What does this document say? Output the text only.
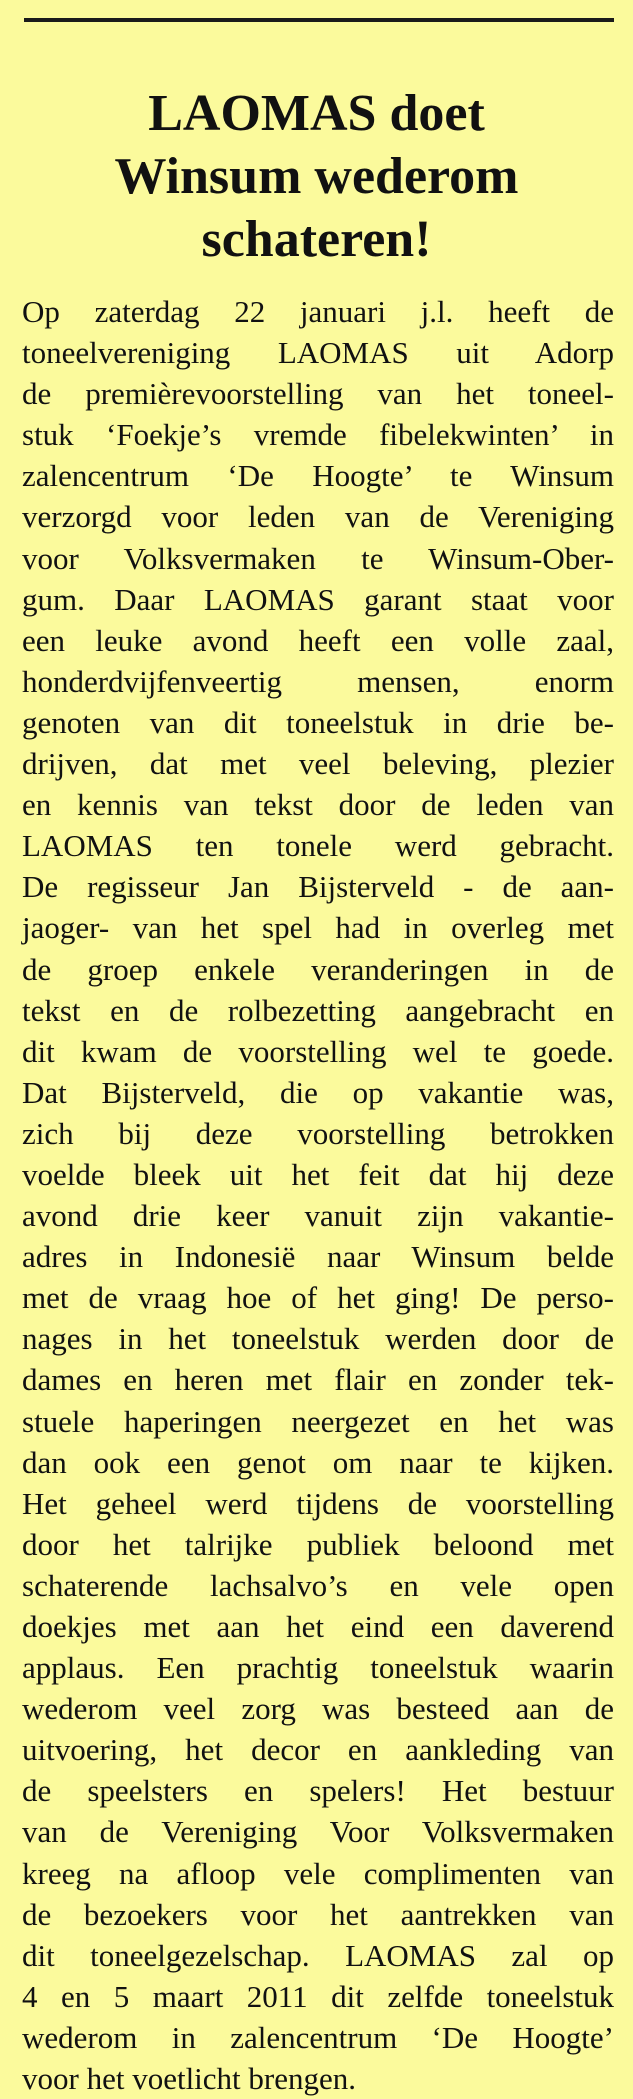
LAOMAS doet
Winsum wederom
schateren!
Op zaterdag 22 januari j.l. heeft de
toneelvereniging LAOMAS uit Adorp
de premièrevoorstelling van het toneel-
stuk ‘Foekje’s vremde fibelekwinten’ in
zalencentrum ‘De Hoogte’ te Winsum
verzorgd voor leden van de Vereniging
voor Volksvermaken te Winsum-Ober-
gum. Daar LAOMAS garant staat voor
een leuke avond heeft een volle zaal,
honderdvijfenveertig mensen, enorm
genoten van dit toneelstuk in drie be-
drijven, dat met veel beleving, plezier
en kennis van tekst door de leden van
LAOMAS ten tonele werd gebracht.
De regisseur Jan Bijsterveld - de aan-
jaoger- van het spel had in overleg met
de groep enkele veranderingen in de
tekst en de rolbezetting aangebracht en
dit kwam de voorstelling wel te goede.
Dat Bijsterveld, die op vakantie was,
zich bij deze voorstelling betrokken
voelde bleek uit het feit dat hij deze
avond drie keer vanuit zijn vakantie-
adres in Indonesië naar Winsum belde
met de vraag hoe of het ging! De perso-
nages in het toneelstuk werden door de
dames en heren met flair en zonder tek-
stuele haperingen neergezet en het was
dan ook een genot om naar te kijken.
Het geheel werd tijdens de voorstelling
door het talrijke publiek beloond met
schaterende lachsalvo’s en vele open
doekjes met aan het eind een daverend
applaus. Een prachtig toneelstuk waarin
wederom veel zorg was besteed aan de
uitvoering, het decor en aankleding van
de speelsters en spelers! Het bestuur
van de Vereniging Voor Volksvermaken
kreeg na afloop vele complimenten van
de bezoekers voor het aantrekken van
dit toneelgezelschap. LAOMAS zal op
4 en 5 maart 2011 dit zelfde toneelstuk
wederom in zalencentrum ‘De Hoogte’
voor het voetlicht brengen.
